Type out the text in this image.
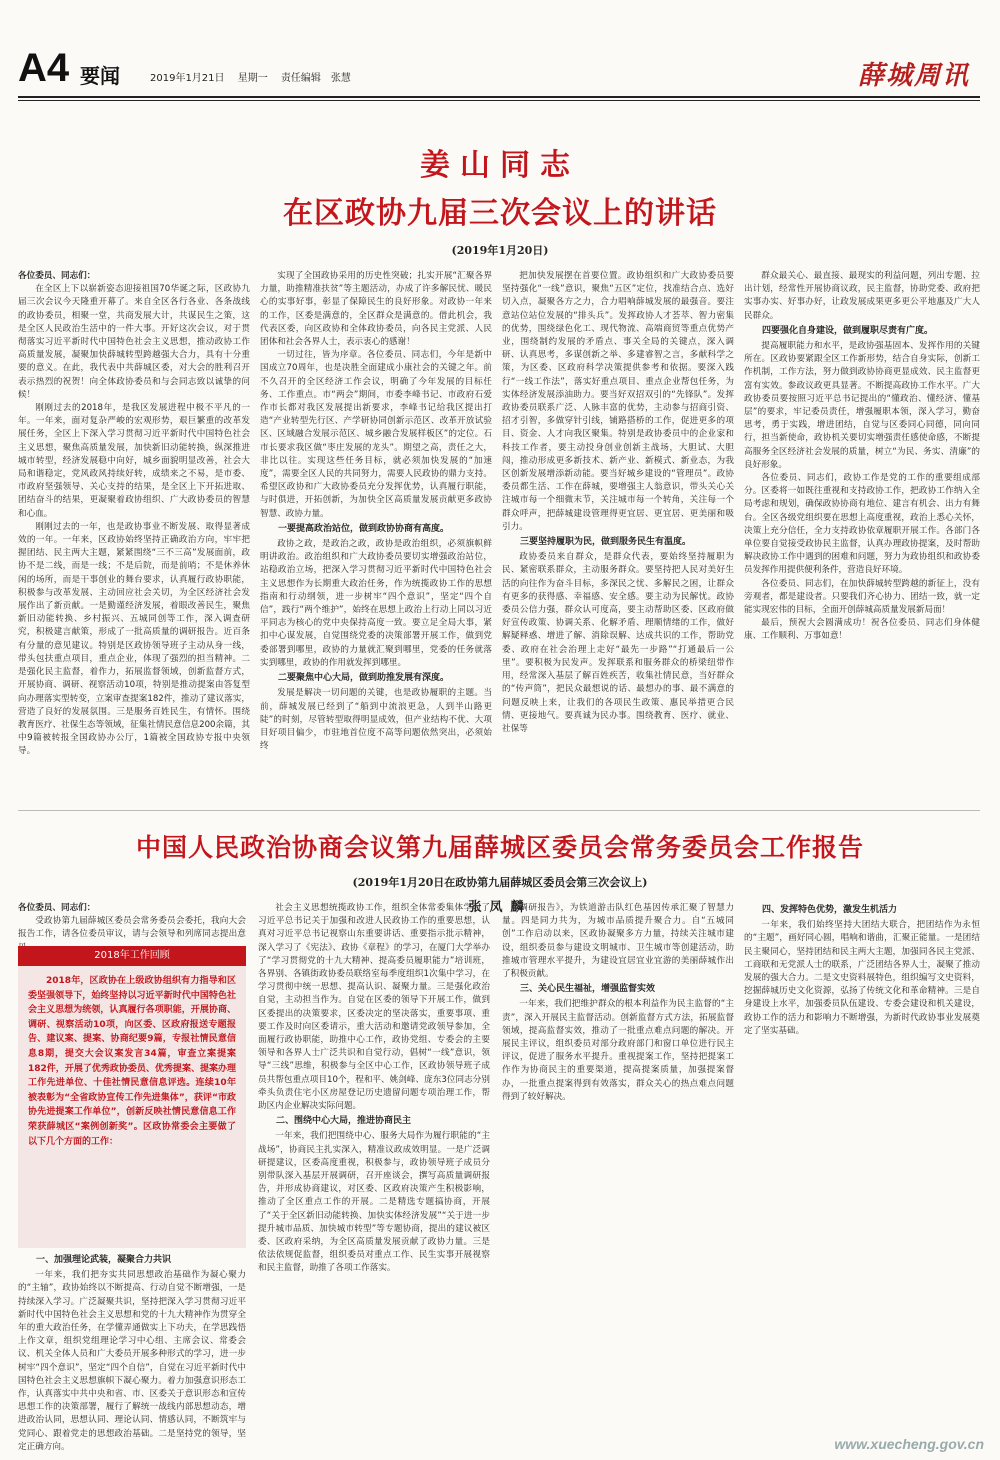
A4 要闻	2019年1月21日 星期一 责任编辑　张慧	薛城周讯
姜山同志
在区政协九届三次会议上的讲话
(2019年1月20日)

各位委员、同志们：

在全区上下以崭新姿态迎接祖国70华诞之际，区政协九届三次会议今天隆重开幕了。来自全区各行各业、各条战线的政协委员，相聚一堂，共商发展大计，共谋民生之策，这是全区人民政治生活中的一件大事。开好这次会议，对于贯彻落实习近平新时代中国特色社会主义思想，推动政协工作高质量发展，凝聚加快薛城转型跨越强大合力，具有十分重要的意义。在此，我代表中共薛城区委，对大会的胜利召开表示热烈的祝贺！向全体政协委员和与会同志致以诚挚的问候！

刚刚过去的2018年，是我区发展进程中极不平凡的一年。一年来，面对复杂严峻的宏观形势，艰巨繁重的改革发展任务，全区上下深入学习贯彻习近平新时代中国特色社会主义思想，聚焦高质量发展，加快新旧动能转换，纵深推进城市转型，经济发展稳中向好，城乡面貌明显改善，社会大局和谐稳定，党风政风持续好转，成绩来之不易，是市委、市政府坚强领导、关心支持的结果，是全区上下开拓进取、团结奋斗的结果，更凝聚着政协组织、广大政协委员的智慧和心血。

刚刚过去的一年，也是政协事业不断发展、取得显著成效的一年。一年来，区政协始终坚持正确政治方向，牢牢把握团结、民主两大主题，紧紧围绕“三不三高”发展面前，政协不是二线，而是一线；不是后院，而是前哨；不是休养休闲的场所，而是干事创业的舞台要求，认真履行政协职能，积极参与改革发展、主动回应社会关切，为全区经济社会发展作出了新贡献。一是勤谨经济发展，着眼改善民生，聚焦新旧动能转换、乡村振兴、五城同创等工作，深入调查研究，积极建言献策，形成了一批高质量的调研报告。近百条有分量的意见建议。特别是区政协领导班子主动从身一线，带头包扶重点项目，重点企业，体现了强烈的担当精神。二是强化民主监督，着作力，拓展监督领域，创新监督方式，开展协商、调研、视察活动10项，特别是推动提案由答复型向办理落实型转变，立案审查提案182件，推动了建议落实，营造了良好的发展氛围。三是服务百姓民生，有情怀。围绕教育医疗、社保生态等领域，征集社情民意信息200余篇，其中9篇被转报全国政协办公厅，1篇被全国政协专报中央领导。

实现了全国政协采用的历史性突破；扎实开展“汇聚各界力量，助推精准扶贫”等主题活动，办成了许多解民忧、暖民心的实事好事，彰显了保障民生的良好形象。对政协一年来的工作，区委是满意的，全区群众是满意的。借此机会，我代表区委，向区政协和全体政协委员，向各民主党派、人民团体和社会各界人士，表示衷心的感谢！

一切过往，皆为序章。各位委员、同志们，今年是新中国成立70周年，也是决胜全面建成小康社会的关键之年。前不久召开的全区经济工作会议，明确了今年发展的目标任务、工作重点。市“两会”期间，市委李峰书记、市政府石爱作市长都对我区发展提出新要求，李峰书记给我区提出打造“产业转型先行区、产学研协同创新示范区、改革开放试验区、区域融合发展示范区、城乡融合发展样板区”的定位。石市长要求我区做“枣庄发展的龙头”。期望之高，责任之大，非比以往。实现这些任务目标，就必须加快发展的“加速度”，需要全区人民的共同努力，需要人民政协的鼎力支持。希望区政协和广大政协委员充分发挥优势，认真履行职能，与时俱进，开拓创新，为加快全区高质量发展贡献更多政协智慧、政协力量。

一要提高政治站位，做到政协协商有高度。

政协之政，是政治之政，政协是政治组织，必须旗帜鲜明讲政治。政治组织和广大政协委员要切实增强政治站位，站稳政治立场，把深入学习贯彻习近平新时代中国特色社会主义思想作为长期重大政治任务，作为统揽政协工作的思想指南和行动纲领，进一步树牢“四个意识”，坚定“四个自信”，践行“两个维护”，始终在思想上政治上行动上同以习近平同志为核心的党中央保持高度一致。要立足全局大事，紧扣中心谋发展，自觉围绕党委的决策部署开展工作，做到党委部署到哪里，政协的力量就汇聚到哪里，党委的任务就落实到哪里，政协的作用就发挥到哪里。

二要聚焦中心大局，做到助推发展有深度。

发展是解决一切问题的关键，也是政协履职的主题。当前，薛城发展已经到了“船到中流浪更急，人到半山路更陡”的时刻，尽管转型取得明显成效，但产业结构不优、大项目好项目偏少，市驻地首位度不高等问题依然突出，必须始终

把加快发展摆在首要位置。政协组织和广大政协委员要坚持强化“一线”意识，聚焦“五区”定位，找准结合点、选好切入点，凝聚各方之力，合力唱响薛城发展的最强音。要注意站位站位发展的“排头兵”。发挥政协人才荟萃、智力密集的优势，围绕绿色化工、现代物流、高端商贸等重点优势产业，围绕制约发展的矛盾点、事关全局的关键点，深入调研、认真思考，多谋创新之举、多建睿智之言，多献科学之策，为区委、区政府科学决策提供参考和依据。要深入践行“一线工作法”，落实好重点项目、重点企业帮包任务，为实体经济发展添油助力。要当好双招双引的“先锋队”。发挥政协委员联系广泛、人脉丰富的优势，主动参与招商引资、招才引智，多做穿针引线，铺路搭桥的工作，促进更多的项目、资金、人才向我区聚集。特别是政协委员中的企业家和科技工作者，要主动投身创业创新主战场，大胆试、大胆闯，推动形成更多新技术、新产业、新模式、新业态，为我区创新发展增添新动能。要当好城乡建设的“管理员”。政协委员都生活、工作在薛城，要增强主人翁意识，带头关心关注城市每一个细微末节，关注城市每一个转角，关注每一个群众呼声，把薛城建设管理得更宜居、更宜居、更美丽和吸引力。

三要坚持履职为民，做到服务民生有温度。

政协委员来自群众，是群众代表，要始终坚持履职为民、紧密联系群众，主动服务群众。要坚持把人民对美好生活的向往作为奋斗目标，多深民之忧、多解民之困，让群众有更多的获得感、幸福感、安全感。要主动为民解忧。政协委员公信力强，群众认可度高，要主动帮助区委、区政府做好宣传政策、协调关系、化解矛盾、理顺情绪的工作，做好解疑释惑、增进了解、消除误解、达成共识的工作，帮助党委、政府在社会治理上走好“最先一步路”“打通最后一公里”。要积极为民发声。发挥联系和服务群众的桥梁纽带作用，经常深入基层了解百姓疾苦，收集社情民意，当好群众的“传声筒”，把民众最想说的话、最想办的事、最不满意的问题反映上来，让我们的各项民生政策、惠民举措更合民情、更接地气。要真诚为民办事。围绕教育、医疗、就业、社保等

群众最关心、最直接、最现实的利益问题，列出专题、拉出计划，经常性开展协商议政，民主监督，协助党委、政府把实事办实、好事办好，让政发展成果更多更公平地惠及广大人民群众。

四要强化自身建设，做到履职尽责有广度。

提高履职能力和水平，是政协强基固本、发挥作用的关键所在。区政协要紧跟全区工作新形势，结合自身实际，创新工作机制，工作方法，努力做到政协协商更显成效、民主监督更富有实效。参政议政更具显著。不断提高政协工作水平。广大政协委员要按照习近平总书记提出的“懂政治、懂经济、懂基层”的要求，牢记委员责任，增强履职本领，深入学习，勤奋思考，勇于实践，增进团结，自觉与区委同心同德，同向同行，担当新使命，政协机关要切实增强责任感使命感，不断提高服务全区经济社会发展的质量，树立“为民、务实、清廉”的良好形象。

各位委员、同志们，政协工作是党的工作的重要组成部分。区委将一如既往重视和支持政协工作，把政协工作纳入全局考虑和规划，确保政协协商有地位、建言有机会、出力有舞台。全区各级党组织要在思想上高度重视，政治上悉心关怀，决策上充分信任，全力支持政协依章履职开展工作。各部门各单位要自觉接受政协民主监督，认真办理政协提案，及时帮助解决政协工作中遇到的困难和问题，努力为政协组织和政协委员发挥作用提供便利条件，营造良好环境。

各位委员、同志们，在加快薛城转型跨越的新征上，没有旁观者，都是建设者。只要我们齐心协力、团结一致，就一定能实现宏伟的目标，全面开创薛城高质量发展新局面！

最后，预祝大会圆满成功！祝各位委员、同志们身体健康、工作顺利、万事如意！

中国人民政治协商会议第九届薛城区委员会常务委员会工作报告
(2019年1月20日在政协第九届薛城区委员会第三次会议上)
张凤麟

各位委员、同志们：

受政协第九届薛城区委员会常务委员会委托，我向大会报告工作，请各位委员审议，请与会领导和列席同志提出意

2018年工作回顾

2018年，区政协在上级政协组织有力指导和区委坚强领导下，始终坚持以习近平新时代中国特色社会主义思想为统领，认真履行各项职能，开展协商、调研、视察活动10项，向区委、区政府报送专题报告、建议案、提案、协商纪要9篇，专报社情民意信息8期，提交大会议案发言34篇，审查立案提案182件，开展了优秀政协委员、优秀提案、提案办理工作先进单位、十佳社情民意信息评选。连续10年被表彰为“全省政协宣传工作先进集体”，获评“市政协先进提案工作单位”，创新反映社情民意信息工作荣获薛城区“案例创新奖”。区政协常委会主要做了以下几个方面的工作：

一、加强理论武装，凝聚合力共识

一年来，我们把夯实共同思想政治基础作为凝心聚力的“主轴”，政协始终以不断提高、行动自觉不断增强，一是持续深入学习。广泛凝聚共识，坚持把深入学习贯彻习近平新时代中国特色社会主义思想和党的十九大精神作为贯穿全年的重大政治任务，在学懂弄通做实上下功夫，在学思践悟上作文章，组织党组理论学习中心组、主席会议、常委会议、机关全体人员和广大委员开展多种形式的学习，进一步树牢“四个意识”，坚定“四个自信”，自觉在习近平新时代中国特色社会主义思想旗帜下凝心聚力。着力加强意识形态工作，认真落实中共中央和省、市、区委关于意识形态和宣传思想工作的决策部署，履行了解统一战线内部思想动态，增进政治认同，思想认同、理论认同、情感认同，不断筑牢与党同心、跟着党走的思想政治基础。二是坚持党的领导，坚定正确方向。

社会主义思想统揽政协工作，组织全体常委集体学习了习近平总书记关于加强和改进人民政协工作的重要思想，认真对习近平总书记视察山东重要讲话、重要指示批示精神，深入学习了《宪法》、政协《章程》的学习，在厦门大学举办了“学习贯彻党的十九大精神、提高委员履职能力”培训班，各界别、各镇街政协委员联络室每季度组织1次集中学习，在学习贯彻中统一思想、提高认识、凝聚力量。三是强化政治自觉，主动担当作为。自觉在区委的领导下开展工作，做到区委提出的决策要求，区委决定的坚决落实，重要事项、重要工作及时向区委请示，重大活动和邀请党政领导参加，全面履行政协职能，助推中心工作，政协党组、专委会的主要领导和各界人士广泛共识和自觉行动，倡树“一线”意识，领导“三线”思维，积极参与全区中心工作，区政协领导班子成员共帮包重点项目10个，程和平、姚剑峰、庞东3位同志分别牵头负责住宅小区房屋登记历史遗留问题专项治理工作，帮助区内企业解决实际问题。

二、围绕中心大局，推进协商民主

一年来，我们把围绕中心、服务大局作为履行职能的“主战场”，协商民主扎实深入，精准议政成效明显。一是广泛调研提建议，区委高度重视，积极参与，政协领导班子成员分别带队深入基层开展调研，召开座谈会，撰写高质量调研报告，并形成协商建议，对区委、区政府决策产生积极影响，推动了全区重点工作的开展。二是精选专题搞协商，开展了“关于全区新旧动能转换、加快实体经济发展”“关于进一步提升城市品质、加快城市转型”等专题协商，提出的建议被区委、区政府采纳，为全区高质量发展贡献了政协力量。三是依法依规促监督，组织委员对重点工作、民生实事开展视察和民主监督，助推了各项工作落实。

调研报告》，为铁道游击队红色基因传承汇聚了智慧力量。四是同力共为，为城市品质提升聚合力。自“五城同创”工作启动以来，区政协凝聚多方力量，持续关注城市建设，组织委员参与建设文明城市、卫生城市等创建活动，助推城市管理水平提升，为建设宜居宜业宜游的美丽薛城作出了积极贡献。

三、关心民生福祉，增强监督实效

一年来，我们把维护群众的根本利益作为民主监督的“主责”，深入开展民主监督活动。创新监督方式方法，拓展监督领域，提高监督实效，推动了一批重点难点问题的解决。开展民主评议，组织委员对部分政府部门和窗口单位进行民主评议，促进了服务水平提升。重视提案工作，坚持把提案工作作为协商民主的重要渠道，提高提案质量，加强提案督办，一批重点提案得到有效落实，群众关心的热点难点问题得到了较好解决。

四、发挥特色优势，激发生机活力

一年来，我们始终坚持大团结大联合，把团结作为永恒的“主题”，画好同心圆，唱响和谐曲，汇聚正能量。一是团结民主聚同心，坚持团结和民主两大主题，加强同各民主党派、工商联和无党派人士的联系，广泛团结各界人士，凝聚了推动发展的强大合力。二是文史资料展特色，组织编写文史资料，挖掘薛城历史文化资源，弘扬了传统文化和革命精神。三是自身建设上水平，加强委员队伍建设、专委会建设和机关建设，政协工作的活力和影响力不断增强，为新时代政协事业发展奠定了坚实基础。

www.xuecheng.gov.cn
